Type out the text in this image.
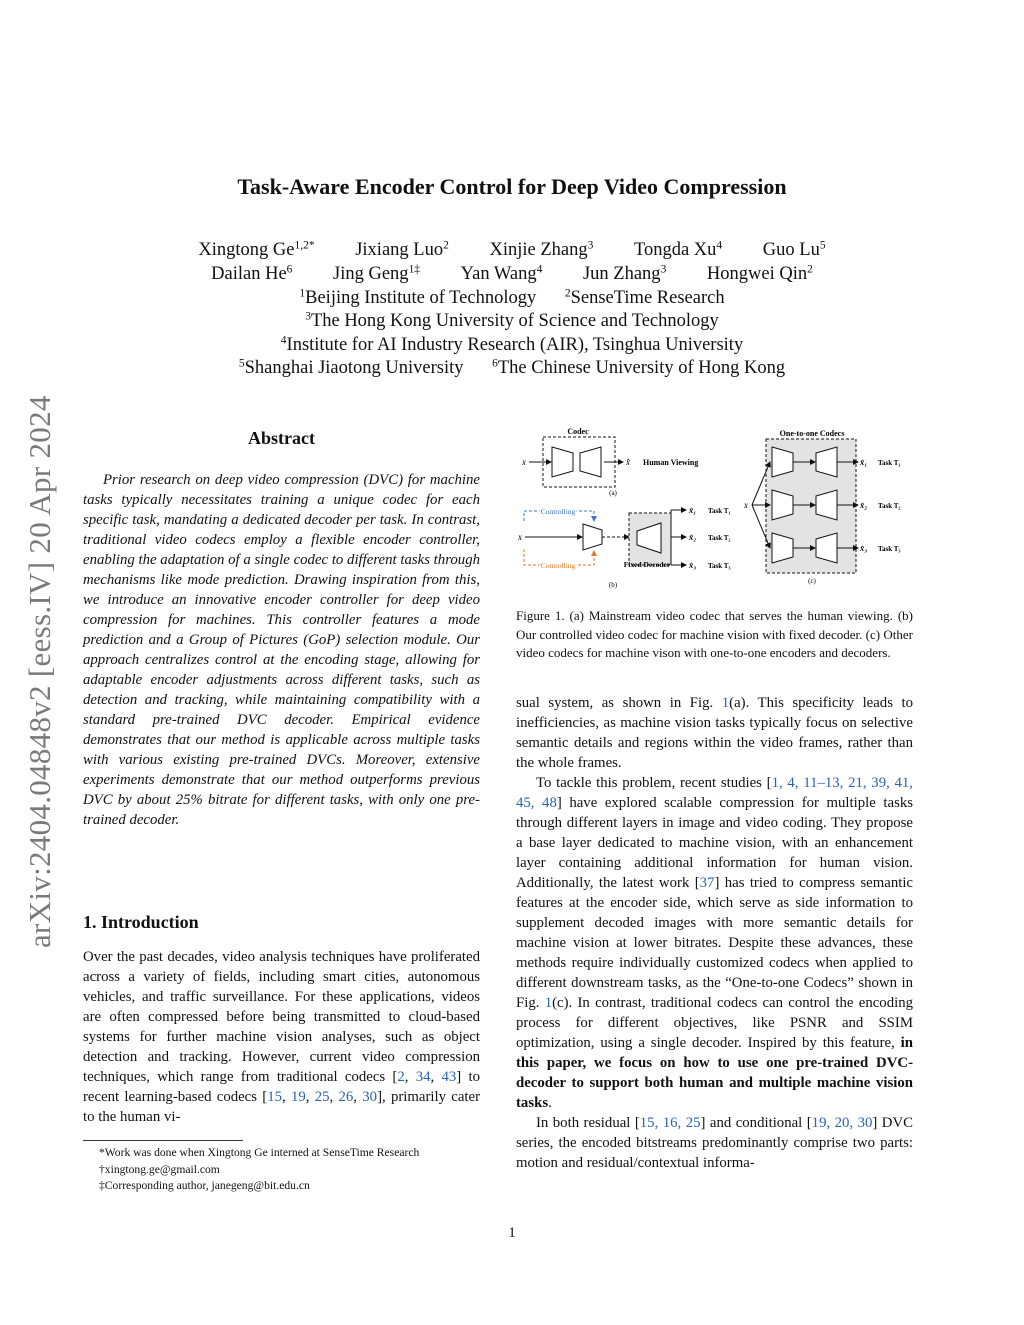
arXiv:2404.04848v2 [eess.IV] 20 Apr 2024
Task-Aware Encoder Control for Deep Video Compression
Xingtong $Ge^{1,2*}$ Jixiang Luo$^2$ Xinjie Zhang$^3$ Tongda Xu$^4$ Guo Lu$^5$
Dailan He$^6$ Jing Geng$^{1\ddagger}$ Yan Wang$^4$ Jun Zhang$^3$ Hongwei Qin$^2$
$^1$Beijing Institute of Technology $^2$SenseTime Research
$^3$The Hong Kong University of Science and Technology
$^4$Institute for AI Industry Research (AIR), Tsinghua University
$^5$Shanghai Jiaotong University $^6$The Chinese University of Hong Kong
Abstract

Prior research on deep video compression (DVC) for machine tasks typically necessitates training a unique codec for each specific task, mandating a dedicated decoder per task. In contrast, traditional video codecs employ a flexible encoder controller, enabling the adaptation of a single codec to different tasks through mechanisms like mode prediction. Drawing inspiration from this, we introduce an innovative encoder controller for deep video compression for machines. This controller features a mode prediction and a Group of Pictures (GoP) selection module. Our approach centralizes control at the encoding stage, allowing for adaptable encoder adjustments across different tasks, such as detection and tracking, while maintaining compatibility with a standard pre-trained DVC decoder. Empirical evidence demonstrates that our method is applicable across multiple tasks with various existing pre-trained DVCs. Moreover, extensive experiments demonstrate that our method outperforms previous DVC by about 25% bitrate for different tasks, with only one pre-trained decoder.

1. Introduction

Over the past decades, video analysis techniques have proliferated across a variety of fields, including smart cities, autonomous vehicles, and traffic surveillance. For these applications, videos are often compressed before being transmitted to cloud-based systems for further machine vision analyses, such as object detection and tracking. However, current video compression techniques, which range from traditional codecs [2, 34, 43] to recent learning-based codecs [15, 19, 25, 26, 30], primarily cater to the human vi-

*Work was done when Xingtong Ge interned at SenseTime Research
†xingtong.ge@gmail.com
‡Corresponding author, janegeng@bit.edu.cn
Codec
x	x̂ Human Viewing
(a)
Controlling
Controlling
x
Fixed Decoder
x̂₁
x̂₂
x̂₃
Task T₁
Task T₂
Task T₃
(b)
One-to-one Codecs
x
x̂₁
x̂₂
x̂₃
Task T₁
Task T₂
Task T₃
(c)
Figure 1. (a) Mainstream video codec that serves the human viewing. (b) Our controlled video codec for machine vision with fixed decoder. (c) Other video codecs for machine vison with one-to-one encoders and decoders.

sual system, as shown in Fig. 1(a). This specificity leads to inefficiencies, as machine vision tasks typically focus on selective semantic details and regions within the video frames, rather than the whole frames.

To tackle this problem, recent studies [1, 4, 11–13, 21, 39, 41, 45, 48] have explored scalable compression for multiple tasks through different layers in image and video coding. They propose a base layer dedicated to machine vision, with an enhancement layer containing additional information for human vision. Additionally, the latest work [37] has tried to compress semantic features at the encoder side, which serve as side information to supplement decoded images with more semantic details for machine vision at lower bitrates. Despite these advances, these methods require individually customized codecs when applied to different downstream tasks, as the “One-to-one Codecs” shown in Fig. 1(c). In contrast, traditional codecs can control the encoding process for different objectives, like PSNR and SSIM optimization, using a single decoder. Inspired by this feature, in this paper, we focus on how to use one pre-trained DVC-decoder to support both human and multiple machine vision tasks.

In both residual [15, 16, 25] and conditional [19, 20, 30] DVC series, the encoded bitstreams predominantly comprise two parts: motion and residual/contextual informa-

1
